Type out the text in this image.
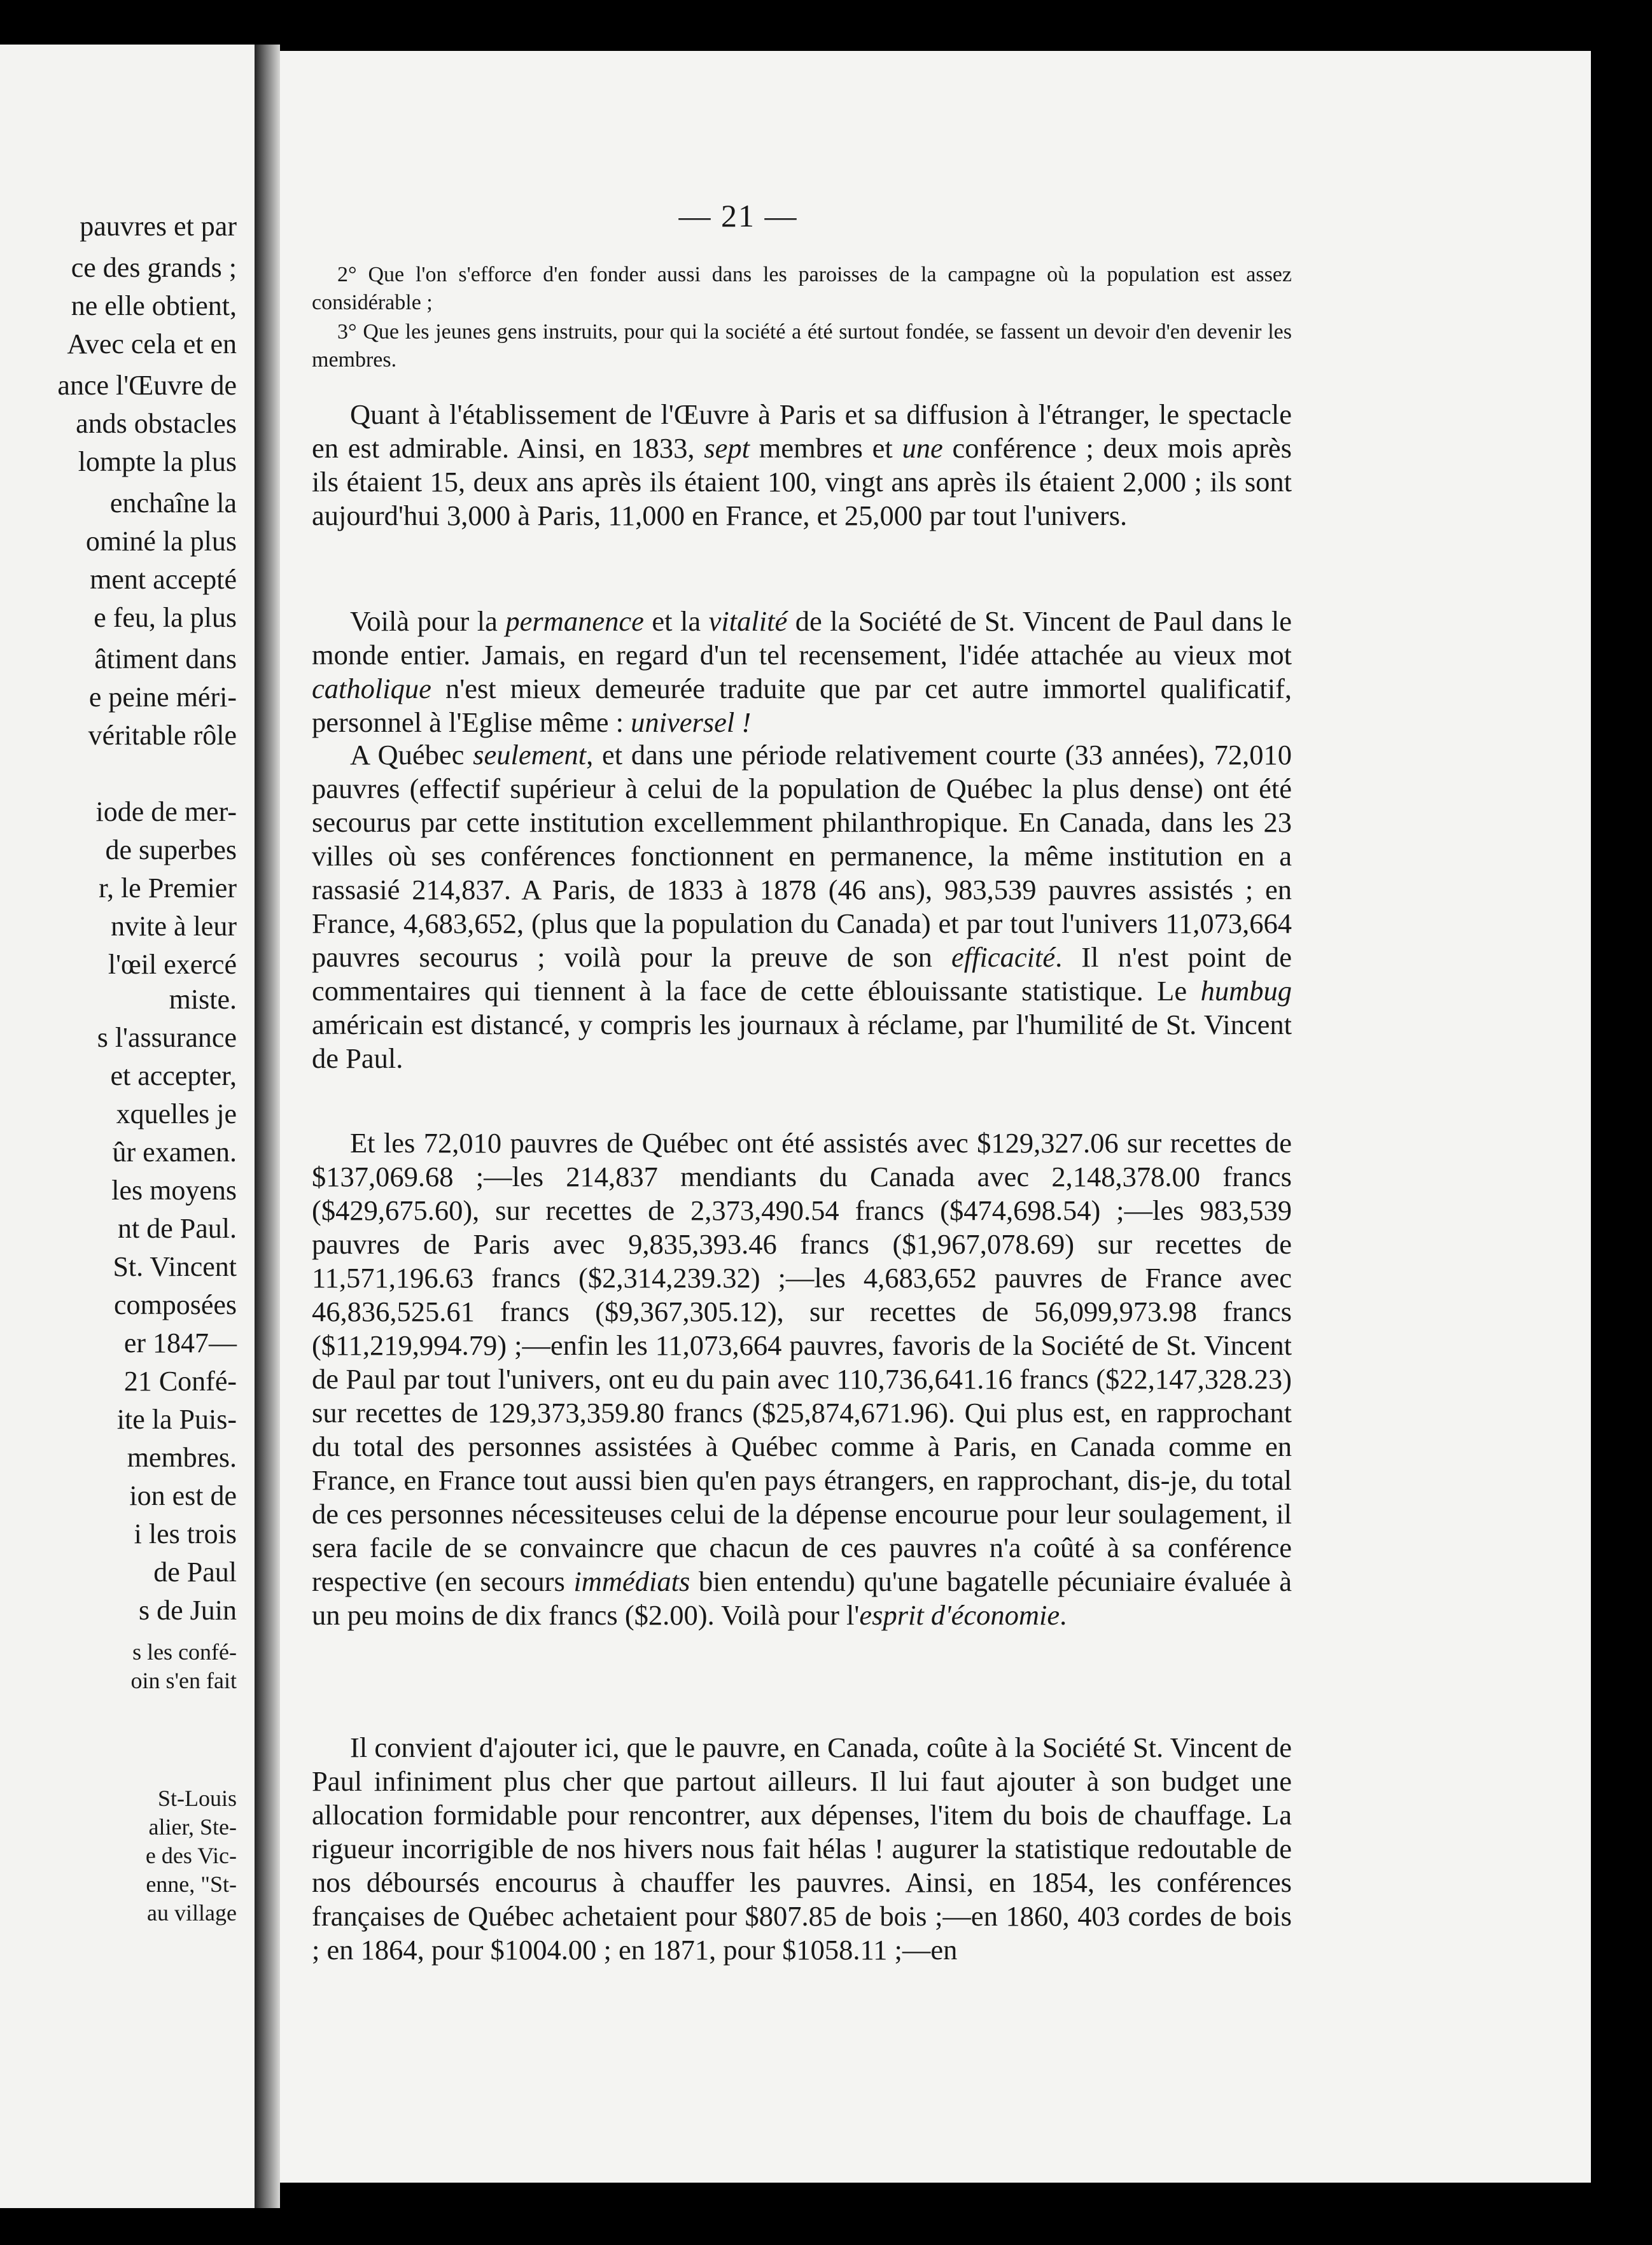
pauvres et par
ce des grands ;
ne elle obtient,
Avec cela et en
ance l'Œuvre de
ands obstacles
lompte la plus
enchaîne la
ominé la plus
ment accepté
e feu, la plus
âtiment dans
e peine méri-
véritable rôle
iode de mer-
de superbes
r, le Premier
nvite à leur
l'œil exercé
miste.
s l'assurance
et accepter,
xquelles je
ûr examen.
les moyens
nt de Paul.
St. Vincent
composées
er 1847—
21 Confé-
ite la Puis-
membres.
ion est de
i les trois
de Paul
s de Juin
s les confé-
oin s'en fait
St-Louis
alier, Ste-
e des Vic-
enne, "St-
au village
— 21 —
2° Que l'on s'efforce d'en fonder aussi dans les paroisses de la campagne où la population est assez considérable ;
3° Que les jeunes gens instruits, pour qui la société a été surtout fondée, se fassent un devoir d'en devenir les membres.
Quant à l'établissement de l'Œuvre à Paris et sa diffusion à l'étranger, le spectacle en est admirable. Ainsi, en 1833, sept membres et une conférence ; deux mois après ils étaient 15, deux ans après ils étaient 100, vingt ans après ils étaient 2,000 ; ils sont aujourd'hui 3,000 à Paris, 11,000 en France, et 25,000 par tout l'univers.
Voilà pour la permanence et la vitalité de la Société de St. Vincent de Paul dans le monde entier. Jamais, en regard d'un tel recensement, l'idée attachée au vieux mot catholique n'est mieux demeurée traduite que par cet autre immortel qualificatif, personnel à l'Eglise même : universel !
A Québec seulement, et dans une période relativement courte (33 années), 72,010 pauvres (effectif supérieur à celui de la population de Québec la plus dense) ont été secourus par cette institution excellemment philanthropique. En Canada, dans les 23 villes où ses conférences fonctionnent en permanence, la même institution en a rassasié 214,837. A Paris, de 1833 à 1878 (46 ans), 983,539 pauvres assistés ; en France, 4,683,652, (plus que la population du Canada) et par tout l'univers 11,073,664 pauvres secourus ; voilà pour la preuve de son efficacité. Il n'est point de commentaires qui tiennent à la face de cette éblouissante statistique. Le humbug américain est distancé, y compris les journaux à réclame, par l'humilité de St. Vincent de Paul.
Et les 72,010 pauvres de Québec ont été assistés avec $129,327.06 sur recettes de $137,069.68 ;—les 214,837 mendiants du Canada avec 2,148,378.00 francs ($429,675.60), sur recettes de 2,373,490.54 francs ($474,698.54) ;—les 983,539 pauvres de Paris avec 9,835,393.46 francs ($1,967,078.69) sur recettes de 11,571,196.63 francs ($2,314,239.32) ;—les 4,683,652 pauvres de France avec 46,836,525.61 francs ($9,367,305.12), sur recettes de 56,099,973.98 francs ($11,219,994.79) ;—enfin les 11,073,664 pauvres, favoris de la Société de St. Vincent de Paul par tout l'univers, ont eu du pain avec 110,736,641.16 francs ($22,147,328.23) sur recettes de 129,373,359.80 francs ($25,874,671.96). Qui plus est, en rapprochant du total des personnes assistées à Québec comme à Paris, en Canada comme en France, en France tout aussi bien qu'en pays étrangers, en rapprochant, dis-je, du total de ces personnes nécessiteuses celui de la dépense encourue pour leur soulagement, il sera facile de se convaincre que chacun de ces pauvres n'a coûté à sa conférence respective (en secours immédiats bien entendu) qu'une bagatelle pécuniaire évaluée à un peu moins de dix francs ($2.00). Voilà pour l'esprit d'économie.
Il convient d'ajouter ici, que le pauvre, en Canada, coûte à la Société St. Vincent de Paul infiniment plus cher que partout ailleurs. Il lui faut ajouter à son budget une allocation formidable pour rencontrer, aux dépenses, l'item du bois de chauffage. La rigueur incorrigible de nos hivers nous fait hélas ! augurer la statistique redoutable de nos déboursés encourus à chauffer les pauvres. Ainsi, en 1854, les conférences françaises de Québec achetaient pour $807.85 de bois ;—en 1860, 403 cordes de bois ; en 1864, pour $1004.00 ; en 1871, pour $1058.11 ;—en
